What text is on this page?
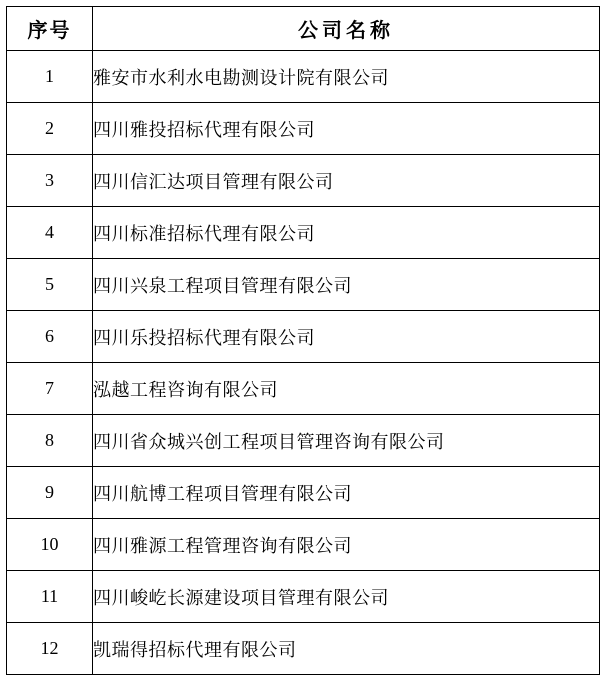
序号	公司名称
1	雅安市水利水电勘测设计院有限公司
2	四川雅投招标代理有限公司
3	四川信汇达项目管理有限公司
4	四川标准招标代理有限公司
5	四川兴泉工程项目管理有限公司
6	四川乐投招标代理有限公司
7	泓越工程咨询有限公司
8	四川省众城兴创工程项目管理咨询有限公司
9	四川航博工程项目管理有限公司
10	四川雅源工程管理咨询有限公司
11	四川峻屹长源建设项目管理有限公司
12	凯瑞得招标代理有限公司
